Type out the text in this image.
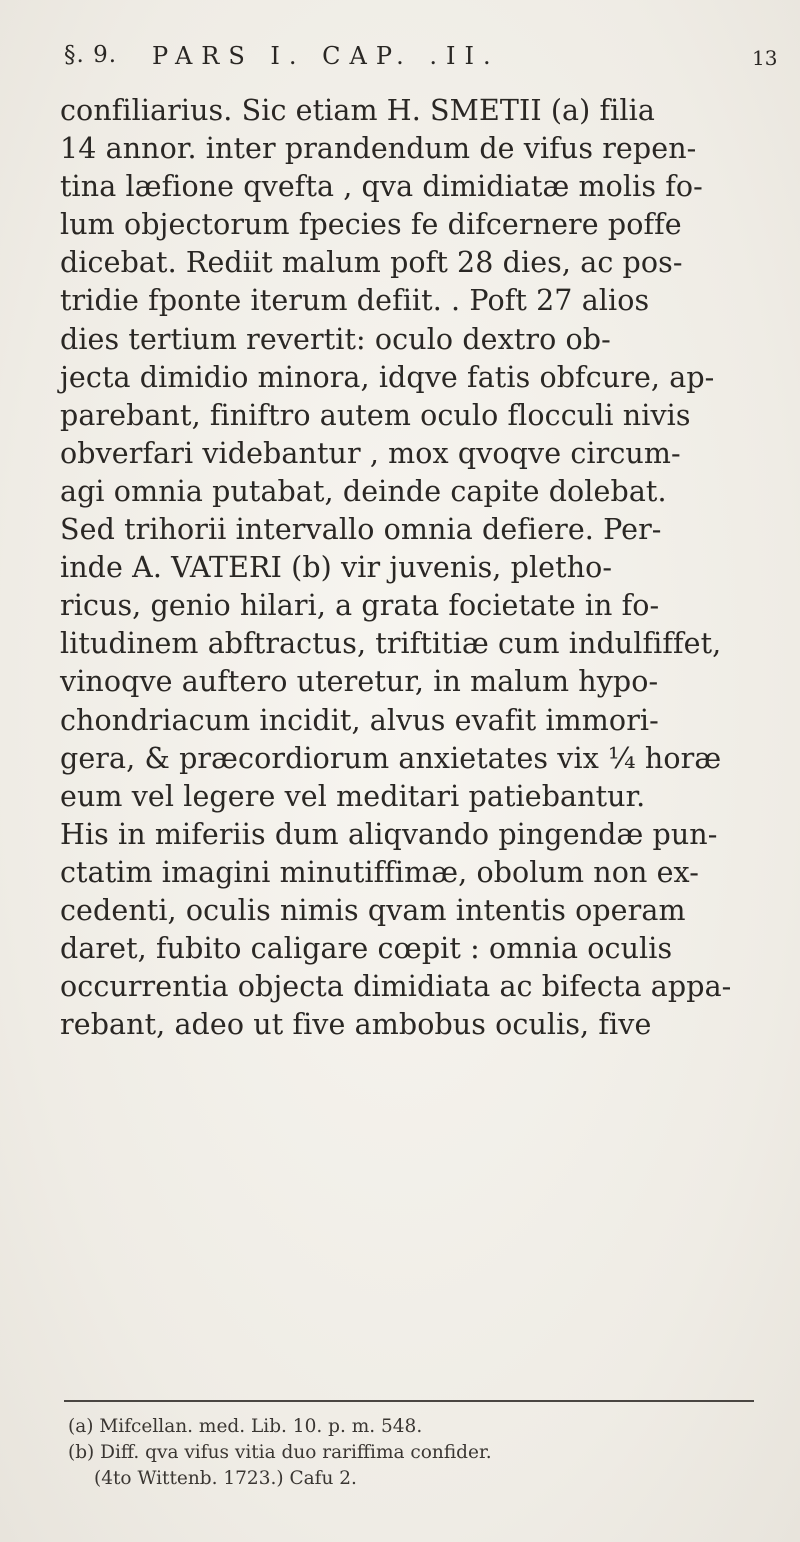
§. 9. PARS I. CAP. .II.	13
confiliarius. Sic etiam H. SMETII (a) filia
14 annor. inter prandendum de vifus repen-
tina læfione qvefta , qva dimidiatæ molis fo-
lum objectorum fpecies fe difcernere poffe
dicebat. Rediit malum poft 28 dies, ac pos-
tridie fponte iterum defiit. . Poft 27 alios
dies tertium revertit: oculo dextro ob-
jecta dimidio minora, idqve fatis obfcure, ap-
parebant, finiftro autem oculo flocculi nivis
obverfari videbantur , mox qvoqve circum-
agi omnia putabat, deinde capite dolebat.
Sed trihorii intervallo omnia defiere. Per-
inde A. VATERI (b) vir juvenis, pletho-
ricus, genio hilari, a grata focietate in fo-
litudinem abftractus, triftitiæ cum indulfiffet,
vinoqve auftero uteretur, in malum hypo-
chondriacum incidit, alvus evafit immori-
gera, & præcordiorum anxietates vix ¼ horæ
eum vel legere vel meditari patiebantur.
His in miferiis dum aliqvando pingendæ pun-
ctatim imagini minutiffimæ, obolum non ex-
cedenti, oculis nimis qvam intentis operam
daret, fubito caligare cœpit : omnia oculis
occurrentia objecta dimidiata ac bifecta appa-
rebant, adeo ut five ambobus oculis, five
(a) Mifcellan. med. Lib. 10. p. m. 548.
(b) Diff. qva vifus vitia duo rariffima confider.
(4to Wittenb. 1723.) Cafu 2.
